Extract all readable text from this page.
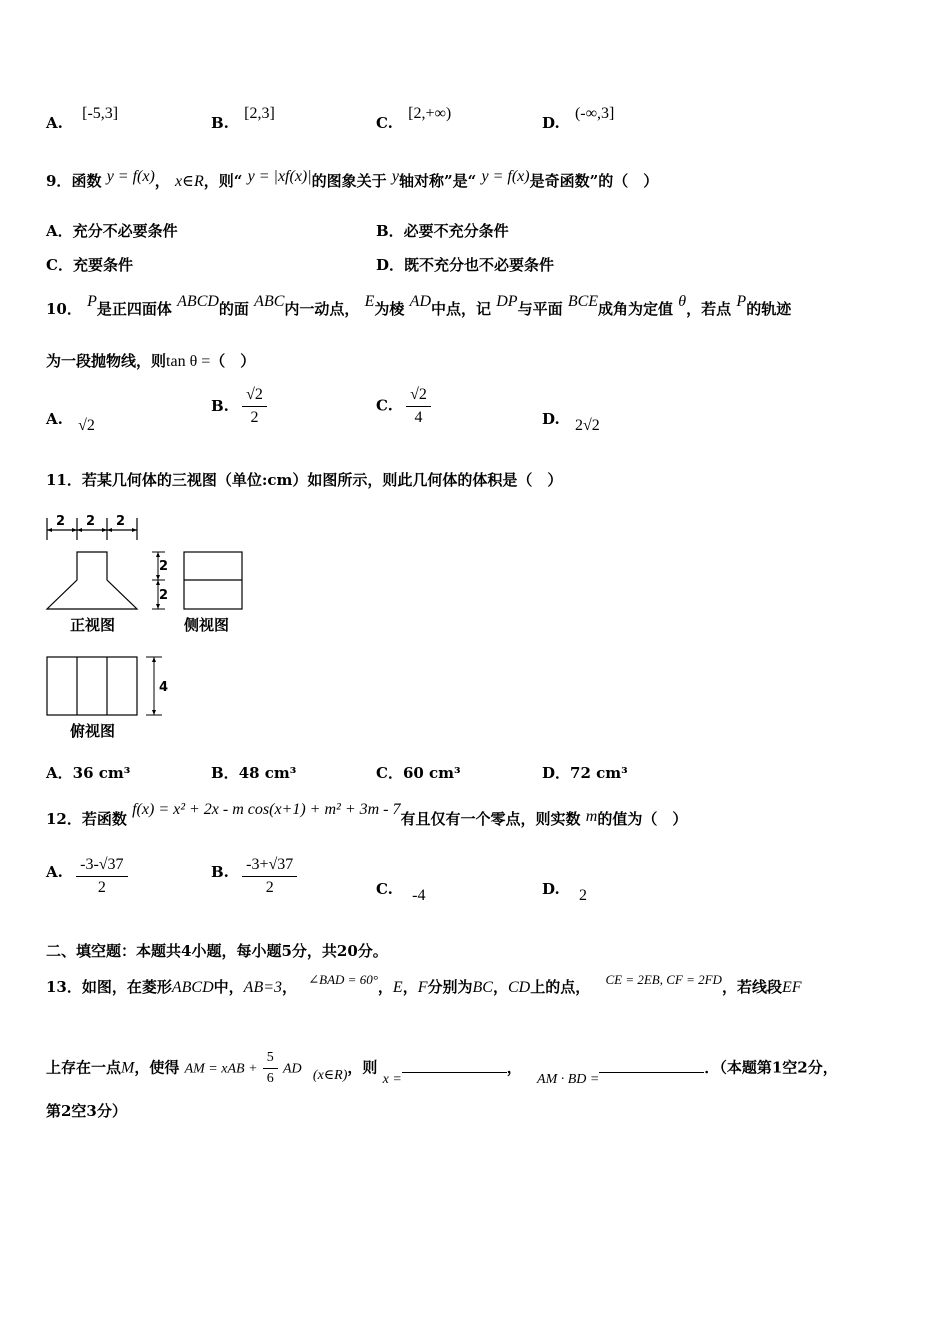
A. [-5,3]
B. [2,3]
C. [2,+∞)
D. (-∞,3]
9．函数 y = f(x)， x∈R，则“ y = |xf(x)|的图象关于 y轴对称”是“ y = f(x)是奇函数”的（　）
A．充分不必要条件	B．必要不充分条件
C．充要条件	D．既不充分也不必要条件
10． P是正四面体 ABCD的面 ABC内一动点， E为棱 AD中点，记 DP与平面 BCE成角为定值 θ，若点 P的轨迹
为一段抛物线，则tan θ =（　）
A. √2
B. $\frac{√2}{2}$	C. $\frac{√2}{4}$	D. 2√2
11．若某几何体的三视图（单位:cm）如图所示，则此几何体的体积是（　）
2 2 2
2
2
4
正视图	侧视图
俯视图
A．36 cm³	B．48 cm³	C．60 cm³	D．72 cm³
12．若函数 f(x) = x² + 2x - m cos(x+1) + m² + 3m - 7有且仅有一个零点，则实数 m的值为（　）
A. $\frac{-3-√37}{2}$	B. $\frac{-3+√37}{2}$	C. -4	D. 2
二、填空题：本题共4小题，每小题5分，共20分。
13．如图，在菱形ABCD中，AB=3， ∠BAD = 60°，E，F分别为BC，CD上的点， CE = 2EB, CF = 2FD，若线段EF
上存在一点M，使得 AM = xAB + $\frac{5}{6}$ AD (x∈R)，则 x =， AM · BD =．（本题第1空2分，
第2空3分）
